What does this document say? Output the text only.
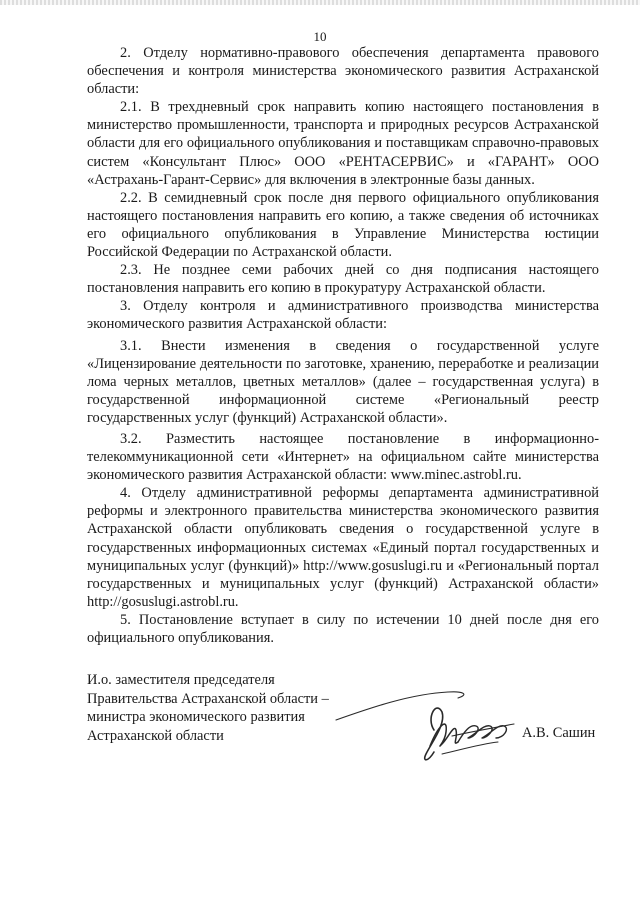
10

2. Отделу нормативно-правового обеспечения департамента правового обеспечения и контроля министерства экономического развития Астраханской области:

2.1. В трехдневный срок направить копию настоящего постановления в министерство промышленности, транспорта и природных ресурсов Астраханской области для его официального опубликования и поставщикам справочно-правовых систем «Консультант Плюс» ООО «РЕНТАСЕРВИС» и «ГАРАНТ» ООО «Астрахань-Гарант-Сервис» для включения в электронные базы данных.

2.2. В семидневный срок после дня первого официального опубликования настоящего постановления направить его копию, а также сведения об источниках его официального опубликования в Управление Министерства юстиции Российской Федерации по Астраханской области.

2.3. Не позднее семи рабочих дней со дня подписания настоящего постановления направить его копию в прокуратуру Астраханской области.

3. Отделу контроля и административного производства министерства экономического развития Астраханской области:

3.1. Внести изменения в сведения о государственной услуге «Лицензирование деятельности по заготовке, хранению, переработке и реализации лома черных металлов, цветных металлов» (далее – государственная услуга) в государственной информационной системе «Региональный реестр государственных услуг (функций) Астраханской области».

3.2. Разместить настоящее постановление в информационно-телекоммуникационной сети «Интернет» на официальном сайте министерства экономического развития Астраханской области: www.minec.astrobl.ru.

4. Отделу административной реформы департамента административной реформы и электронного правительства министерства экономического развития Астраханской области опубликовать сведения о государственной услуге в государственных информационных системах «Единый портал государственных и муниципальных услуг (функций)» http://www.gosuslugi.ru и «Региональный портал государственных и муниципальных услуг (функций) Астраханской области» http://gosuslugi.astrobl.ru.

5. Постановление вступает в силу по истечении 10 дней после дня его официального опубликования.

И.о. заместителя председателя
Правительства Астраханской области –
министра экономического развития
Астраханской области	А.В. Сашин
